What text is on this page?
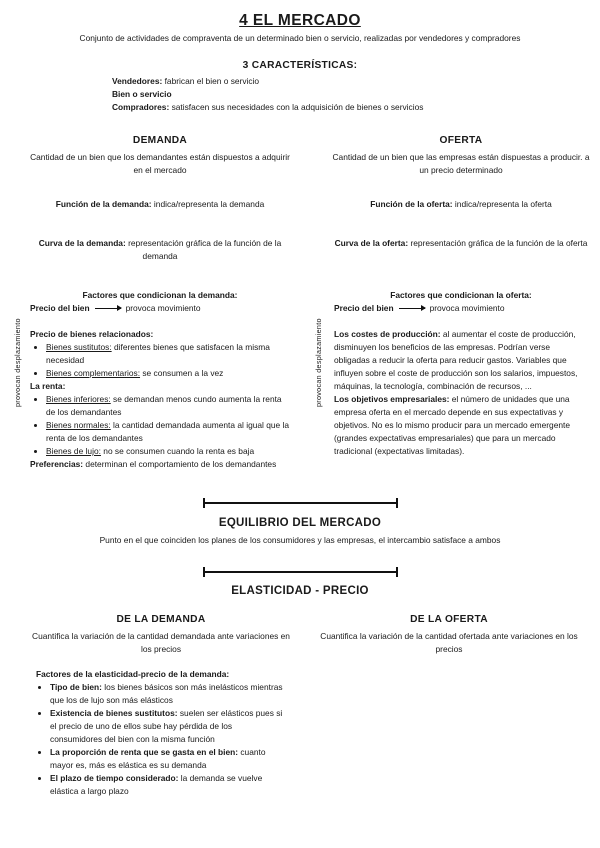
4 EL MERCADO
Conjunto de actividades de compraventa de un determinado bien o servicio, realizadas por vendedores y compradores
3 CARACTERÍSTICAS:
Vendedores: fabrican el bien o servicio
Bien o servicio
Compradores: satisfacen sus necesidades con la adquisición de bienes o servicios
DEMANDA
Cantidad de un bien que los demandantes están dispuestos a adquirir en el mercado
Función de la demanda: indica/representa la demanda
Curva de la demanda: representación gráfica de la función de la demanda
Factores que condicionan la demanda:
Precio del bien	provoca movimiento
provocan desplazamiento Precio de bienes relacionados:
• Bienes sustitutos: diferentes bienes que satisfacen la misma necesidad
• Bienes complementarios: se consumen a la vez
La renta:
• Bienes inferiores: se demandan menos cundo aumenta la renta de los demandantes
• Bienes normales: la cantidad demandada aumenta al igual que la renta de los demandantes
• Bienes de lujo: no se consumen cuando la renta es baja
Preferencias: determinan el comportamiento de los demandantes
OFERTA
Cantidad de un bien que las empresas están dispuestas a producir. a un precio determinado
Función de la oferta: indica/representa la oferta
Curva de la oferta: representación gráfica de la función de la oferta
Factores que condicionan la oferta:
Precio del bien	provoca movimiento
provocan desplazamiento Los costes de producción: al aumentar el coste de producción, disminuyen los beneficios de las empresas. Podrían verse obligadas a reducir la oferta para reducir gastos. Variables que influyen sobre el coste de producción son los salarios, impuestos, máquinas, la tecnología, combinación de recursos, ...
Los objetivos empresariales: el número de unidades que una empresa oferta en el mercado depende en sus expectativas y objetivos. No es lo mismo producir para un mercado emergente (grandes expectativas empresariales) que para un mercado tradicional (expectativas limitadas).
EQUILIBRIO DEL MERCADO
Punto en el que coinciden los planes de los consumidores y las empresas, el intercambio satisface a ambos
ELASTICIDAD - PRECIO
DE LA DEMANDA
Cuantifica la variación de la cantidad demandada ante variaciones en los precios
DE LA OFERTA
Cuantifica la variación de la cantidad ofertada ante variaciones en los precios
Factores de la elasticidad-precio de la demanda:
• Tipo de bien: los bienes básicos son más inelásticos mientras que los de lujo son más elásticos
• Existencia de bienes sustitutos: suelen ser elásticos pues si el precio de uno de ellos sube hay pérdida de los consumidores del bien con la misma función
• La proporción de renta que se gasta en el bien: cuanto mayor es, más es elástica es su demanda
• El plazo de tiempo considerado: la demanda se vuelve elástica a largo plazo
